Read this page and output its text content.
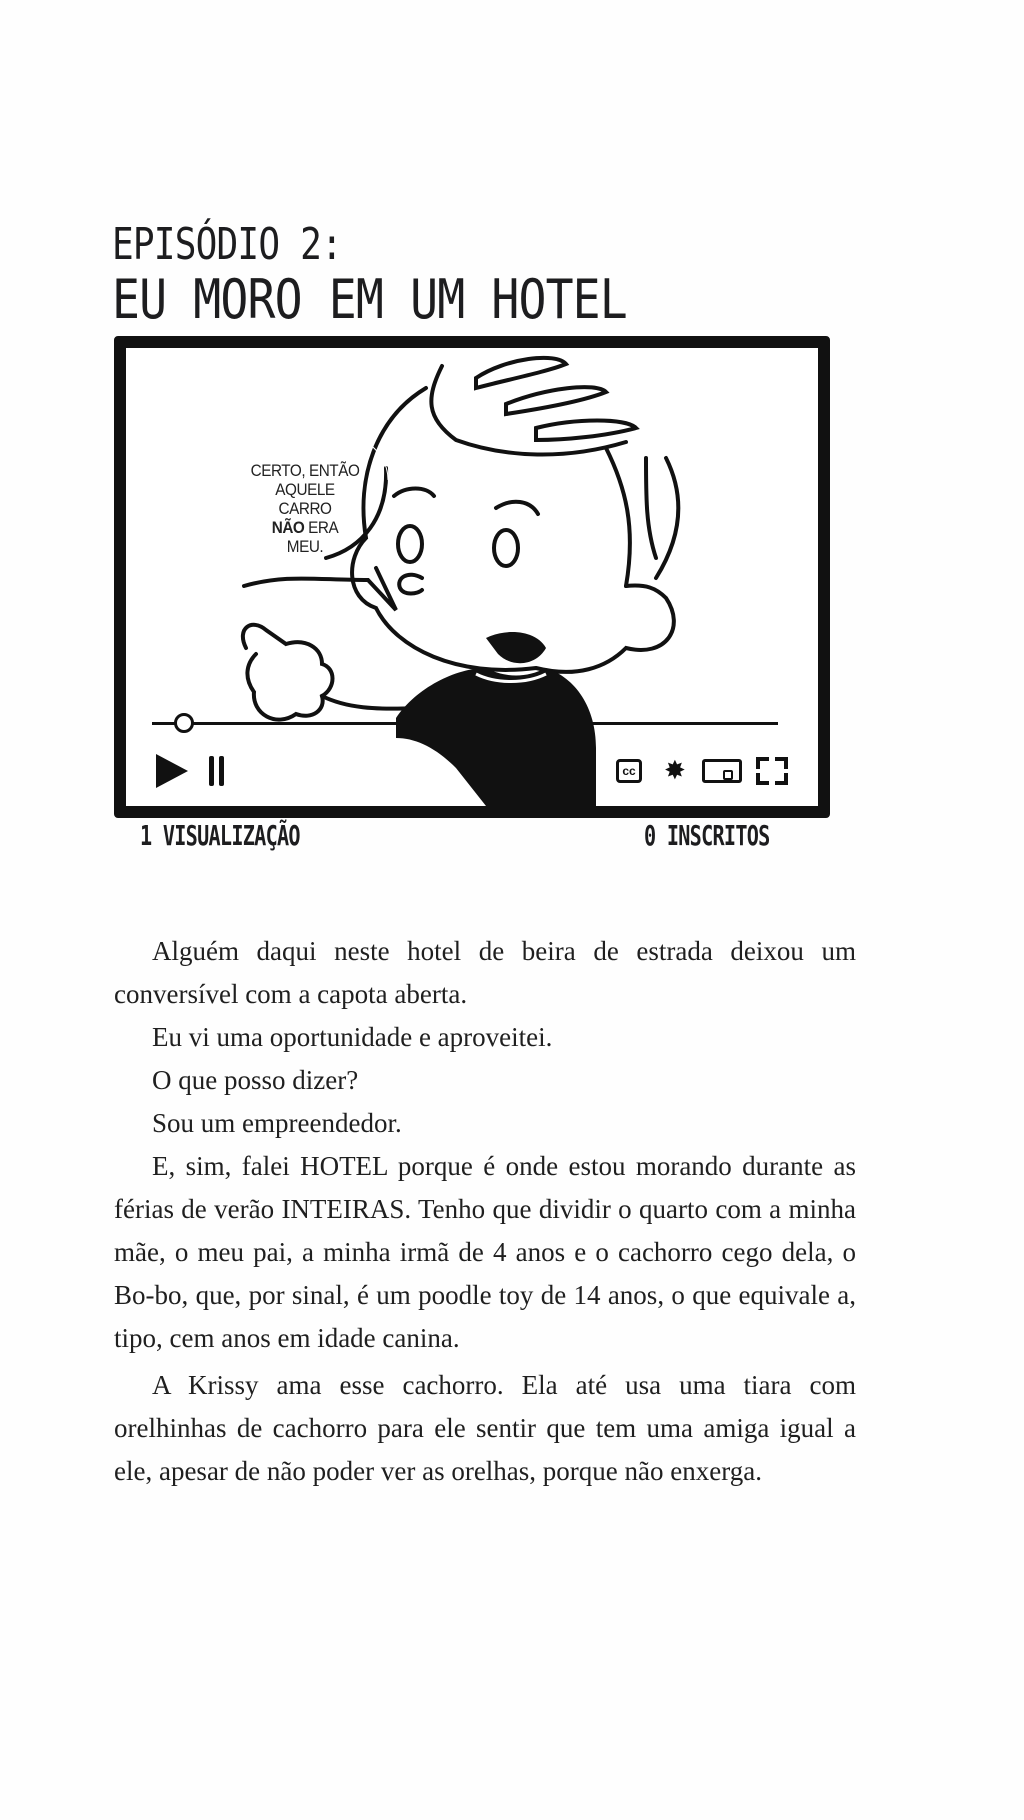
EPISÓDIO 2:
EU MORO EM UM HOTEL
CERTO, ENTÃO
AQUELE
CARRO
NÃO ERA
MEU.
cc ✸
1 VISUALIZAÇÃO	0 INSCRITOS

Alguém daqui neste hotel de beira de estrada deixou um conversível com a capota aberta.

Eu vi uma oportunidade e aproveitei.

O que posso dizer?

Sou um empreendedor.

E, sim, falei HOTEL porque é onde estou morando durante as férias de verão INTEIRAS. Tenho que dividir o quarto com a minha mãe, o meu pai, a minha irmã de 4 anos e o cachorro cego dela, o Bo-bo, que, por sinal, é um poodle toy de 14 anos, o que equivale a, tipo, cem anos em idade canina.

A Krissy ama esse cachorro. Ela até usa uma tiara com orelhinhas de cachorro para ele sentir que tem uma amiga igual a ele, apesar de não poder ver as orelhas, porque não enxerga.
